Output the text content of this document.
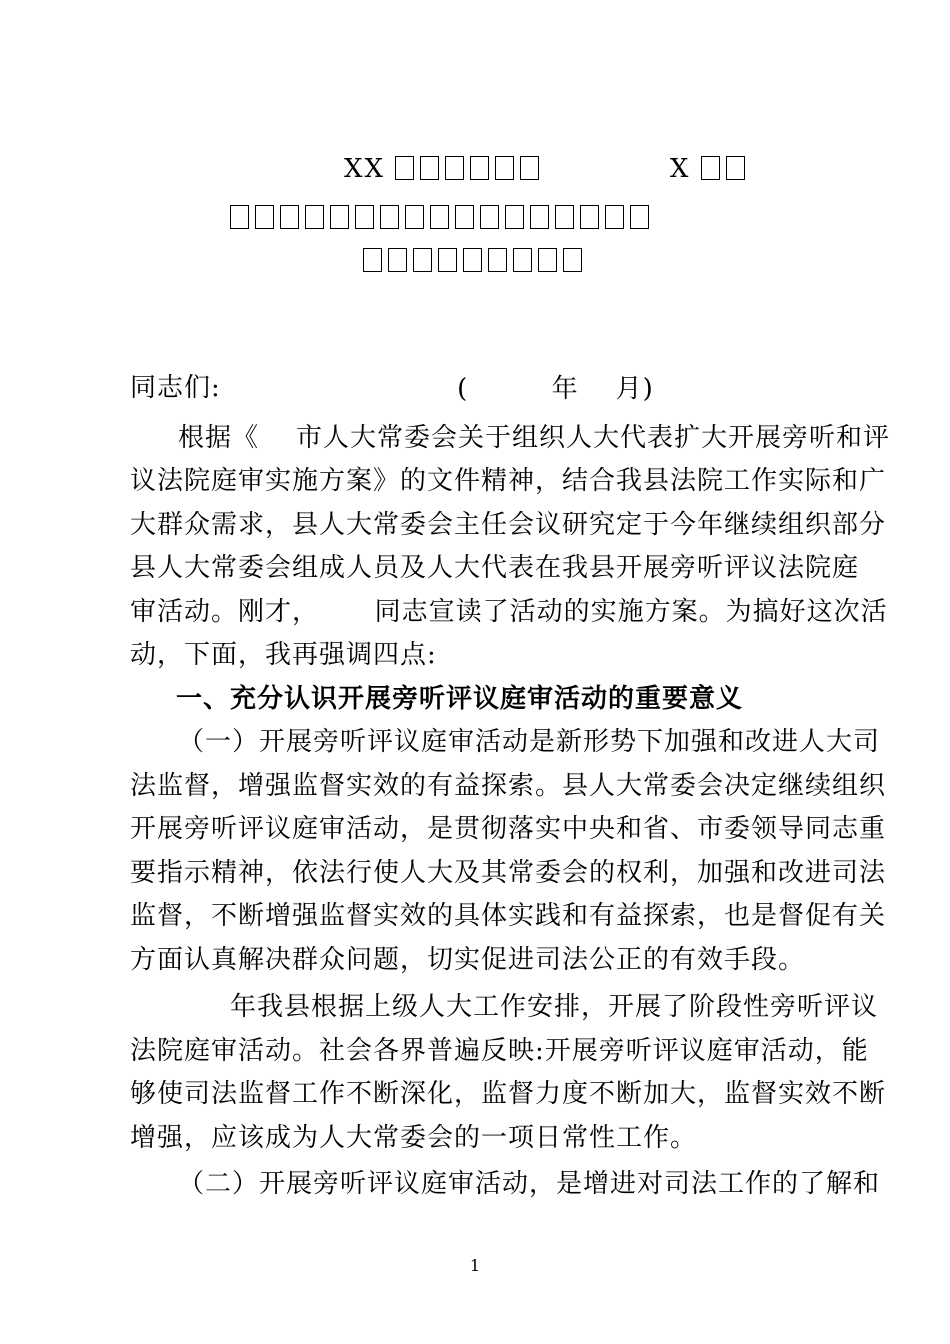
XX	X

(         年    月)

同志们:
根据《    市人大常委会关于组织人大代表扩大开展旁听和评
议法院庭审实施方案》的文件精神，结合我县法院工作实际和广
大群众需求，县人大常委会主任会议研究定于今年继续组织部分
县人大常委会组成人员及人大代表在我县开展旁听评议法院庭
审活动。刚才，      同志宣读了活动的实施方案。为搞好这次活
动，下面，我再强调四点:
一、充分认识开展旁听评议庭审活动的重要意义
（一）开展旁听评议庭审活动是新形势下加强和改进人大司
法监督，增强监督实效的有益探索。县人大常委会决定继续组织
开展旁听评议庭审活动，是贯彻落实中央和省、市委领导同志重
要指示精神，依法行使人大及其常委会的权利，加强和改进司法
监督，不断增强监督实效的具体实践和有益探索，也是督促有关
方面认真解决群众问题，切实促进司法公正的有效手段。
年我县根据上级人大工作安排，开展了阶段性旁听评议
法院庭审活动。社会各界普遍反映:开展旁听评议庭审活动，能
够使司法监督工作不断深化，监督力度不断加大，监督实效不断
增强，应该成为人大常委会的一项日常性工作。
（二）开展旁听评议庭审活动，是增进对司法工作的了解和
1
